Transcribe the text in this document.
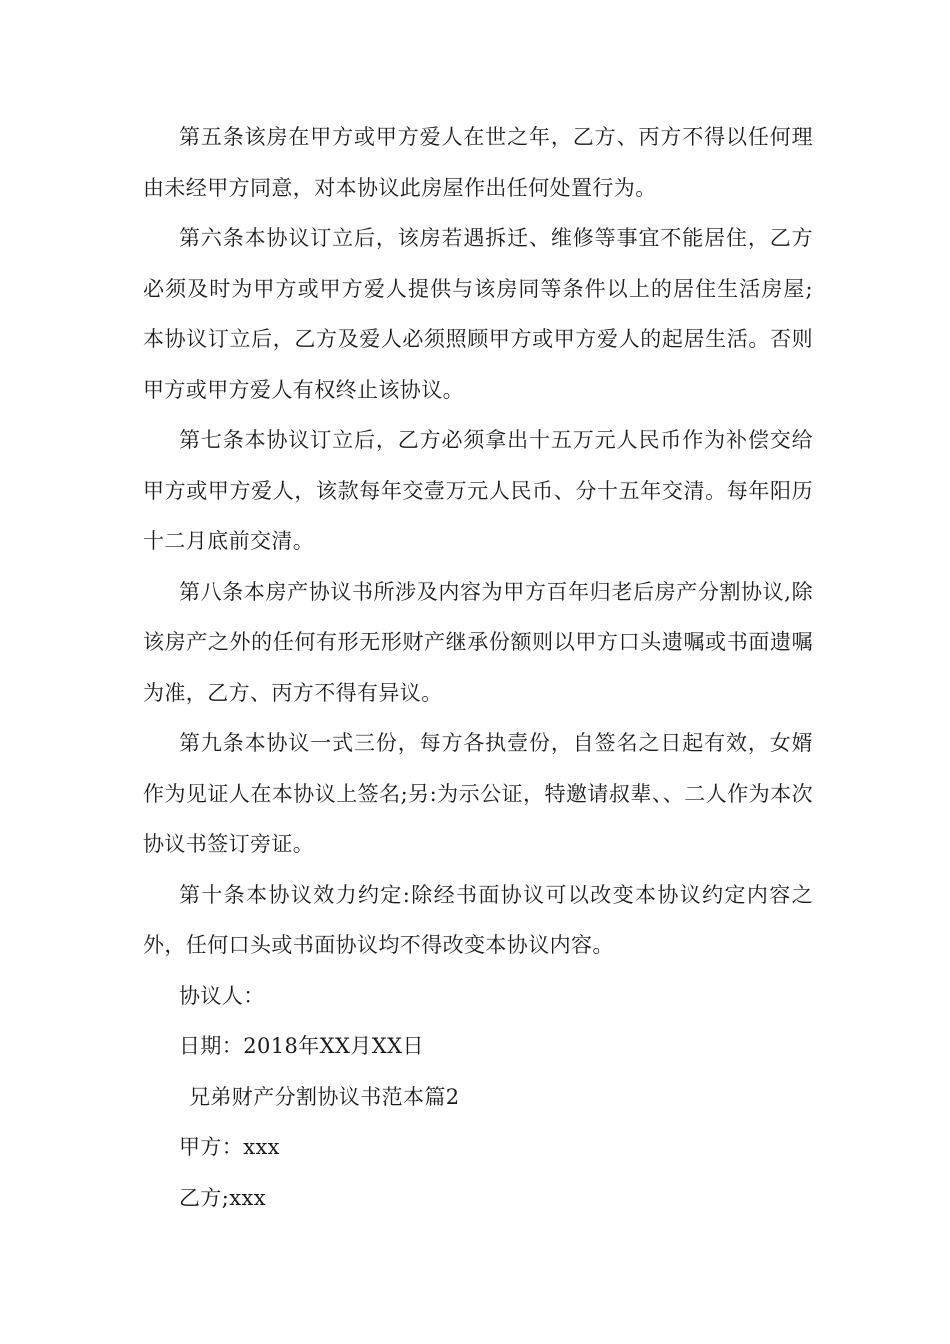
第五条该房在甲方或甲方爱人在世之年，乙方、丙方不得以任何理由未经甲方同意，对本协议此房屋作出任何处置行为。

第六条本协议订立后，该房若遇拆迁、维修等事宜不能居住，乙方必须及时为甲方或甲方爱人提供与该房同等条件以上的居住生活房屋;本协议订立后，乙方及爱人必须照顾甲方或甲方爱人的起居生活。否则甲方或甲方爱人有权终止该协议。

第七条本协议订立后，乙方必须拿出十五万元人民币作为补偿交给甲方或甲方爱人，该款每年交壹万元人民币、分十五年交清。每年阳历十二月底前交清。

第八条本房产协议书所涉及内容为甲方百年归老后房产分割协议,除该房产之外的任何有形无形财产继承份额则以甲方口头遗嘱或书面遗嘱为准，乙方、丙方不得有异议。

第九条本协议一式三份，每方各执壹份，自签名之日起有效，女婿作为见证人在本协议上签名;另:为示公证，特邀请叔辈、、二人作为本次协议书签订旁证。

第十条本协议效力约定:除经书面协议可以改变本协议约定内容之外，任何口头或书面协议均不得改变本协议内容。

协议人：

日期：2018年XX月XX日

兄弟财产分割协议书范本篇2

甲方：xxx

乙方;xxx
